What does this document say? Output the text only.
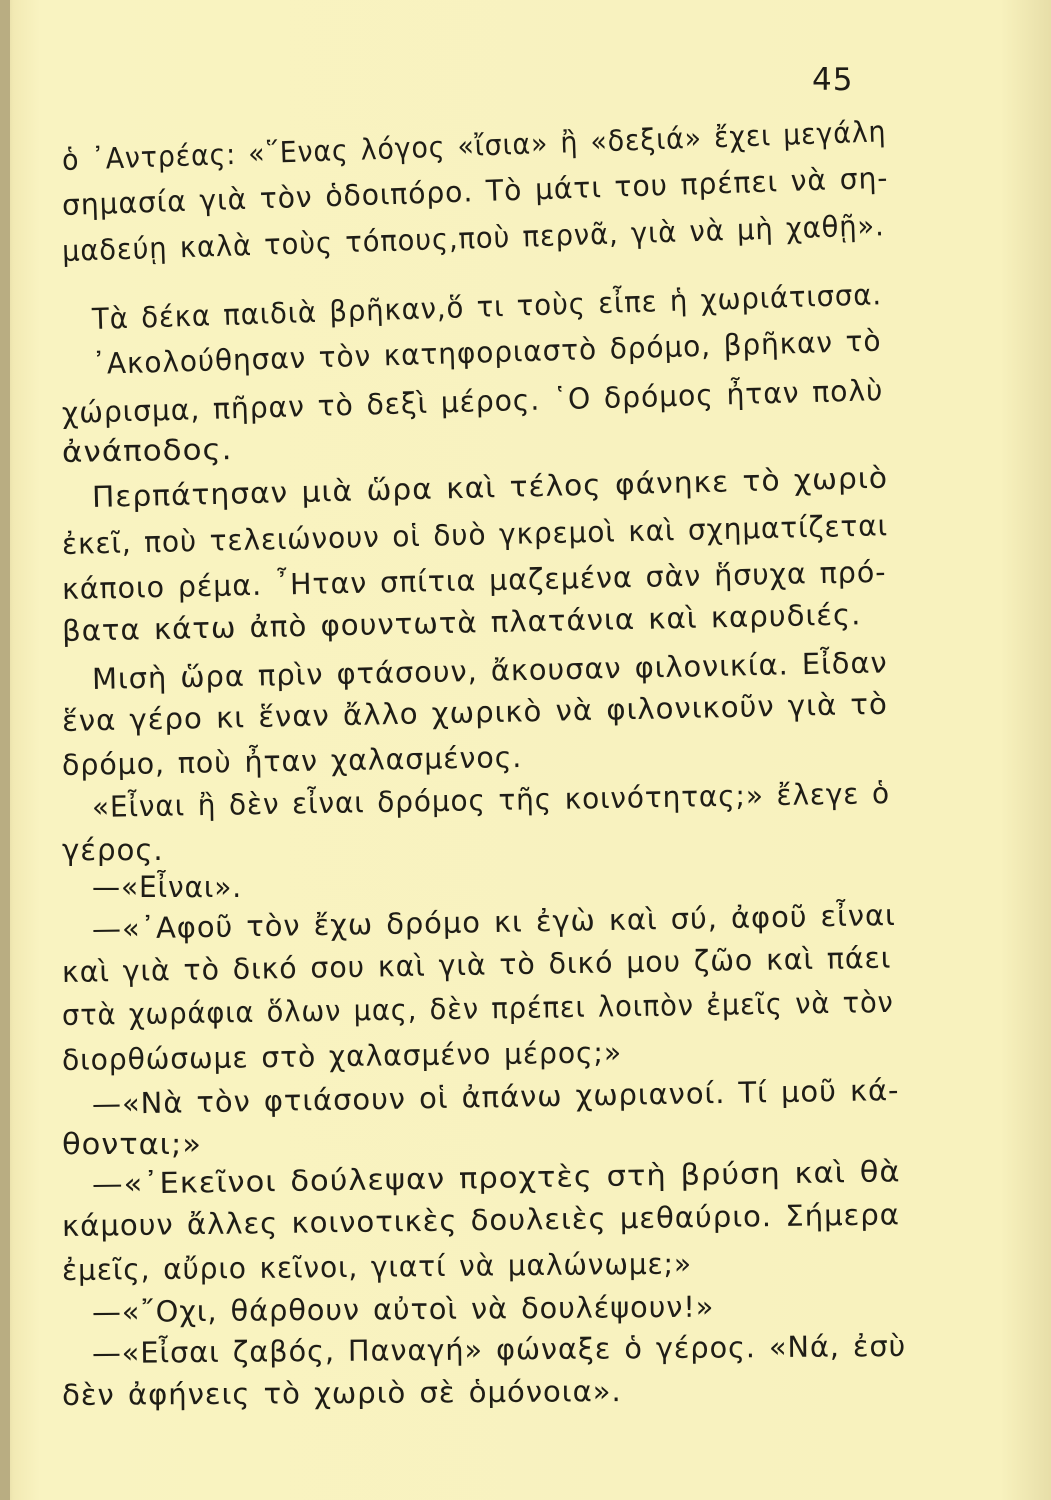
45
ὁ ᾿Αντρέας: «῞Ενας λόγος «ἴσια» ἢ «δεξιά» ἔχει μεγάλη
σημασία γιὰ τὸν ὁδοιπόρο. Τὸ μάτι του πρέπει νὰ ση-
μαδεύῃ καλὰ τοὺς τόπους,ποὺ περνᾶ, γιὰ νὰ μὴ χαθῇ».
Τὰ δέκα παιδιὰ βρῆκαν,ὅ τι τοὺς εἶπε ἡ χωριάτισσα.
᾿Ακολούθησαν τὸν κατηφοριαστὸ δρόμο, βρῆκαν τὸ
χώρισμα, πῆραν τὸ δεξὶ μέρος. ῾Ο δρόμος ἦταν πολὺ
ἀνάποδος.
Περπάτησαν μιὰ ὥρα καὶ τέλος φάνηκε τὸ χωριὸ
ἐκεῖ, ποὺ τελειώνουν οἱ δυὸ γκρεμοὶ καὶ σχηματίζεται
κάποιο ρέμα. ῏Ηταν σπίτια μαζεμένα σὰν ἥσυχα πρό-
βατα κάτω ἀπὸ φουντωτὰ πλατάνια καὶ καρυδιές.
Μισὴ ὥρα πρὶν φτάσουν, ἄκουσαν φιλονικία. Εἶδαν
ἕνα γέρο κι ἕναν ἄλλο χωρικὸ νὰ φιλονικοῦν γιὰ τὸ
δρόμο, ποὺ ἦταν χαλασμένος.
«Εἶναι ἢ δὲν εἶναι δρόμος τῆς κοινότητας;» ἔλεγε ὁ
γέρος.
—«Εἶναι».
—«᾿Αφοῦ τὸν ἔχω δρόμο κι ἐγὼ καὶ σύ, ἀφοῦ εἶναι
καὶ γιὰ τὸ δικό σου καὶ γιὰ τὸ δικό μου ζῶο καὶ πάει
στὰ χωράφια ὅλων μας, δὲν πρέπει λοιπὸν ἐμεῖς νὰ τὸν
διορθώσωμε στὸ χαλασμένο μέρος;»
—«Νὰ τὸν φτιάσουν οἱ ἀπάνω χωριανοί. Τί μοῦ κά-
θονται;»
—«᾿Εκεῖνοι δούλεψαν προχτὲς στὴ βρύση καὶ θὰ
κάμουν ἄλλες κοινοτικὲς δουλειὲς μεθαύριο. Σήμερα
ἐμεῖς, αὔριο κεῖνοι, γιατί νὰ μαλώνωμε;»
—«῎Οχι, θάρθουν αὐτοὶ νὰ δουλέψουν!»
—«Εἶσαι ζαβός, Παναγή» φώναξε ὁ γέρος. «Νά, ἐσὺ
δὲν ἀφήνεις τὸ χωριὸ σὲ ὁμόνοια».
